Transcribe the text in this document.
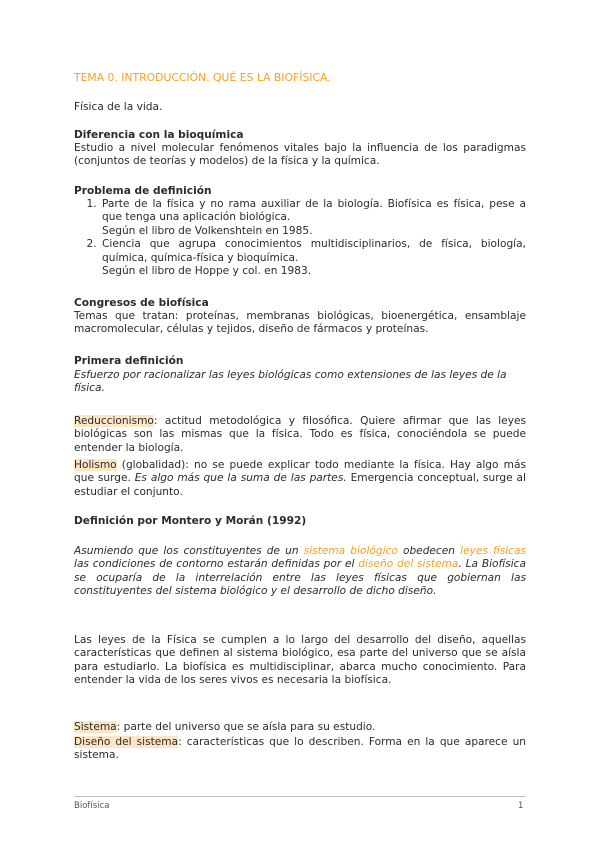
TEMA 0. INTRODUCCIÓN. QUÉ ES LA BIOFÍSICA.
Física de la vida.
Diferencia con la bioquímica
Estudio a nivel molecular fenómenos vitales bajo la influencia de los paradigmas (conjuntos de teorías y modelos) de la física y la química.
Problema de definición
1. Parte de la física y no rama auxiliar de la biología. Biofísica es física, pese a que tenga una aplicación biológica.
Según el libro de Volkenshtein en 1985.
2. Ciencia que agrupa conocimientos multidisciplinarios, de física, biología, química, química-física y bioquímica.
Según el libro de Hoppe y col. en 1983.
Congresos de biofísica
Temas que tratan: proteínas, membranas biológicas, bioenergética, ensamblaje macromolecular, células y tejidos, diseño de fármacos y proteínas.
Primera definición
Esfuerzo por racionalizar las leyes biológicas como extensiones de las leyes de la física.
Reduccionismo: actitud metodológica y filosófica. Quiere afirmar que las leyes biológicas son las mismas que la física. Todo es física, conociéndola se puede entender la biología.
Holismo (globalidad): no se puede explicar todo mediante la física. Hay algo más que surge. Es algo más que la suma de las partes. Emergencia conceptual, surge al estudiar el conjunto.
Definición por Montero y Morán (1992)
Asumiendo que los constituyentes de un sistema biológico obedecen leyes físicas las condiciones de contorno estarán definidas por el diseño del sistema. La Biofísica se ocuparía de la interrelación entre las leyes físicas que gobiernan las constituyentes del sistema biológico y el desarrollo de dicho diseño.
Las leyes de la Física se cumplen a lo largo del desarrollo del diseño, aquellas características que definen al sistema biológico, esa parte del universo que se aísla para estudiarlo. La biofísica es multidisciplinar, abarca mucho conocimiento. Para entender la vida de los seres vivos es necesaria la biofísica.
Sistema: parte del universo que se aísla para su estudio.
Diseño del sistema: características que lo describen. Forma en la que aparece un sistema.
Biofísica	1
